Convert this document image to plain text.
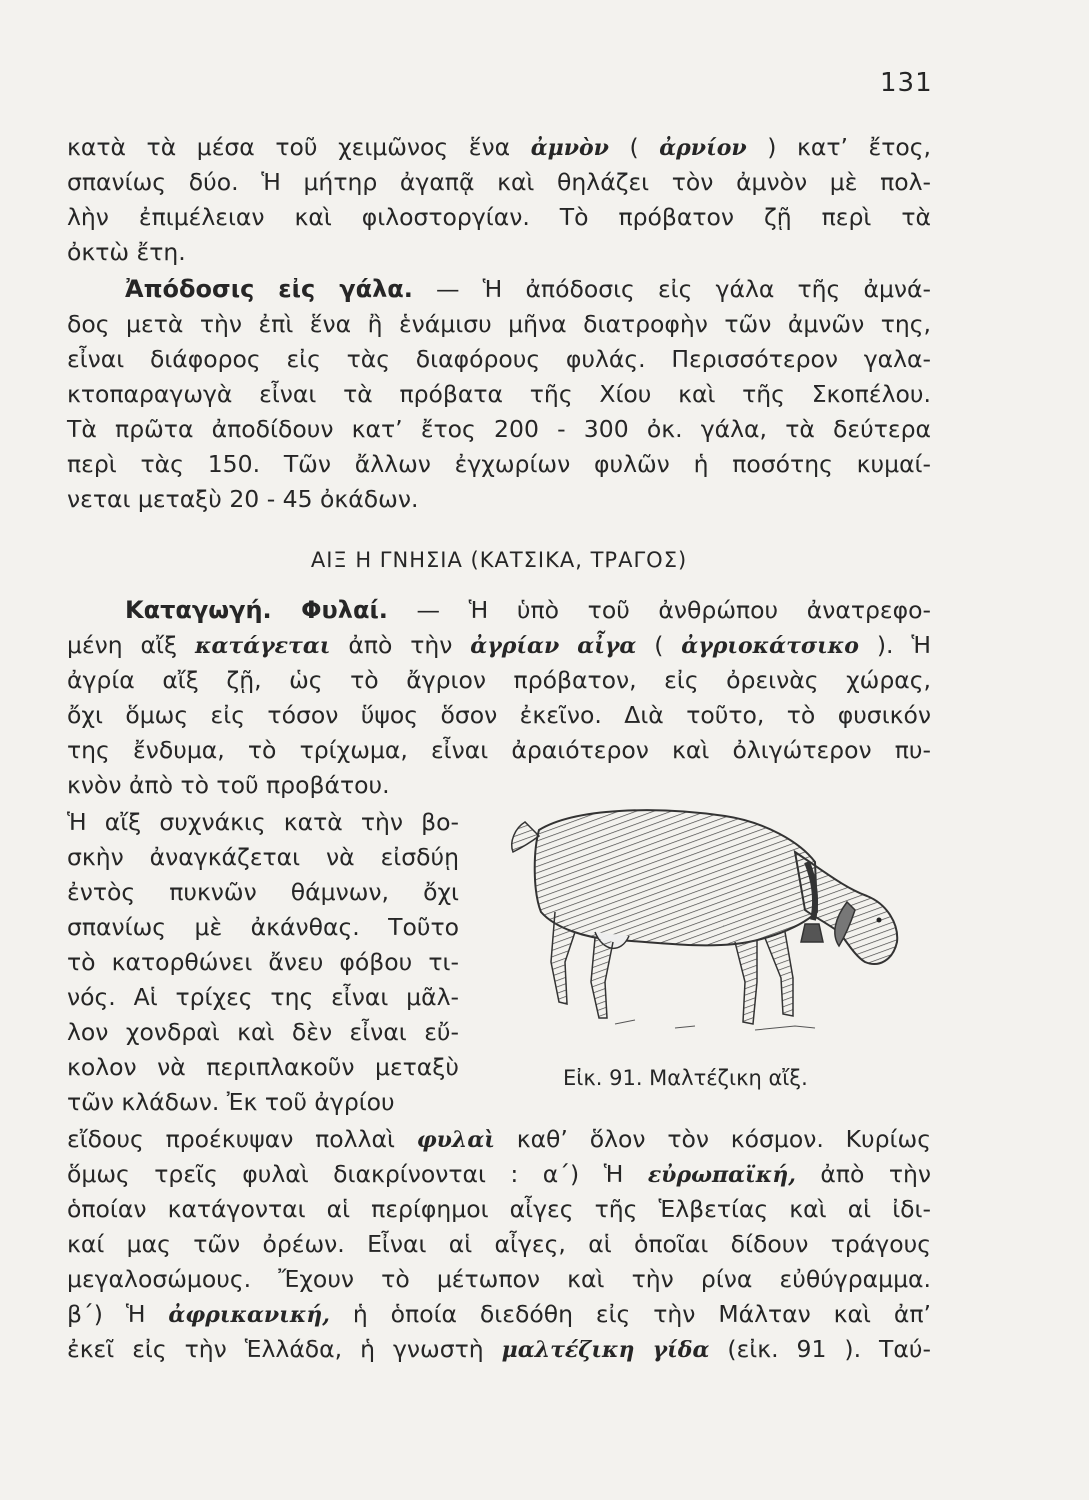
131
κατὰ τὰ μέσα τοῦ χειμῶνος ἕνα ἀμνὸν ( ἀρνίον ) κατ’ ἔτος,
σπανίως δύο. Ἡ μήτηρ ἀγαπᾷ καὶ θηλάζει τὸν ἀμνὸν μὲ πολ-
λὴν ἐπιμέλειαν καὶ φιλοστοργίαν. Τὸ πρόβατον ζῇ περὶ τὰ
ὀκτὼ ἔτη.
Ἀπόδοσις εἰς γάλα. — Ἡ ἀπόδοσις εἰς γάλα τῆς ἀμνά-
δος μετὰ τὴν ἐπὶ ἕνα ἢ ἑνάμισυ μῆνα διατροφὴν τῶν ἀμνῶν της,
εἶναι διάφορος εἰς τὰς διαφόρους φυλάς. Περισσότερον γαλα-
κτοπαραγωγὰ εἶναι τὰ πρόβατα τῆς Χίου καὶ τῆς Σκοπέλου.
Τὰ πρῶτα ἀποδίδουν κατ’ ἔτος 200 - 300 ὀκ. γάλα, τὰ δεύτερα
περὶ τὰς 150. Τῶν ἄλλων ἐγχωρίων φυλῶν ἡ ποσότης κυμαί-
νεται μεταξὺ 20 - 45 ὀκάδων.
ΑΙΞ Η ΓΝΗΣΙΑ (ΚΑΤΣΙΚΑ, ΤΡΑΓΟΣ)
Καταγωγή. Φυλαί. — Ἡ ὑπὸ τοῦ ἀνθρώπου ἀνατρεφο-
μένη αἴξ κατάγεται ἀπὸ τὴν ἀγρίαν αἶγα ( ἀγριοκάτσικο ). Ἡ
ἀγρία αἴξ ζῇ, ὡς τὸ ἄγριον πρόβατον, εἰς ὀρεινὰς χώρας,
ὄχι ὅμως εἰς τόσον ὕψος ὅσον ἐκεῖνο. Διὰ τοῦτο, τὸ φυσικόν
της ἔνδυμα, τὸ τρίχωμα, εἶναι ἀραιότερον καὶ ὀλιγώτερον πυ-
κνὸν ἀπὸ τὸ τοῦ προβάτου.
Ἡ αἴξ συχνάκις κατὰ τὴν βο-
σκὴν ἀναγκάζεται νὰ εἰσδύῃ
ἐντὸς πυκνῶν θάμνων, ὄχι
σπανίως μὲ ἀκάνθας. Τοῦτο
τὸ κατορθώνει ἄνευ φόβου τι-
νός. Αἱ τρίχες της εἶναι μᾶλ-
λον χονδραὶ καὶ δὲν εἶναι εὔ-
κολον νὰ περιπλακοῦν μεταξὺ
τῶν κλάδων. Ἐκ τοῦ ἀγρίου
εἴδους προέκυψαν πολλαὶ φυλαὶ καθ’ ὅλον τὸν κόσμον. Κυρίως
ὅμως τρεῖς φυλαὶ διακρίνονται : α΄) Ἡ εὐρωπαϊκή, ἀπὸ τὴν
ὁποίαν κατάγονται αἱ περίφημοι αἶγες τῆς Ἑλβετίας καὶ αἱ ἰδι-
καί μας τῶν ὀρέων. Εἶναι αἱ αἶγες, αἱ ὁποῖαι δίδουν τράγους
μεγαλοσώμους. Ἔχουν τὸ μέτωπον καὶ τὴν ρίνα εὐθύγραμμα.
β΄) Ἡ ἀφρικανική, ἡ ὁποία διεδόθη εἰς τὴν Μάλταν καὶ ἀπ’
ἐκεῖ εἰς τὴν Ἑλλάδα, ἡ γνωστὴ μαλτέζικη γίδα (εἰκ. 91 ). Ταύ-
Εἰκ. 91. Μαλτέζικη αἴξ.
